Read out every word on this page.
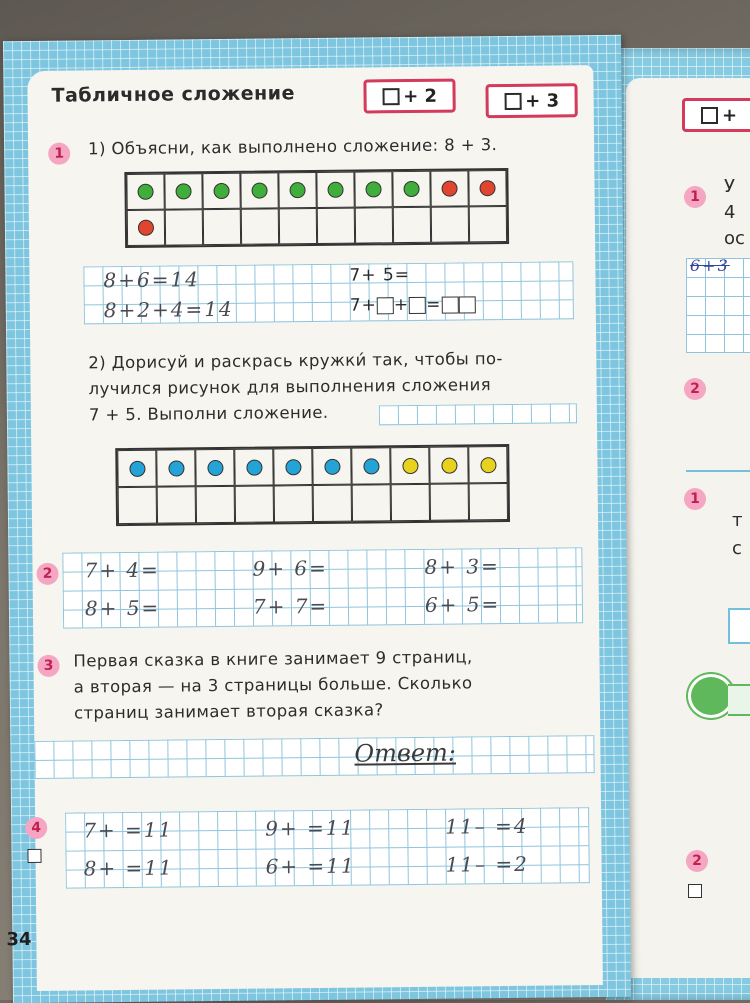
+
1	У
4
ос
6+3
2
1
т
с
2
Табличное сложение	+ 2	+ 3
1	1) Объясни, как выполнено сложение: 8 + 3.
8+6=14
8+2+4=14
7+ 5=
7+ + =
2) Дорисуй и раскрась кружки́ так, чтобы по-
лучился рисунок для выполнения сложения
7 + 5. Выполни сложение.
2	7+ 4=	9+ 6=	8+ 3=
8+ 5=	7+ 7=	6+ 5=
3	Первая сказка в книге занимает 9 страниц,
а вторая — на 3 страницы больше. Сколько
страниц занимает вторая сказка?
Ответ:
4	7+ =11	9+ =11	11– =4
8+ =11	6+ =11	11– =2
34
